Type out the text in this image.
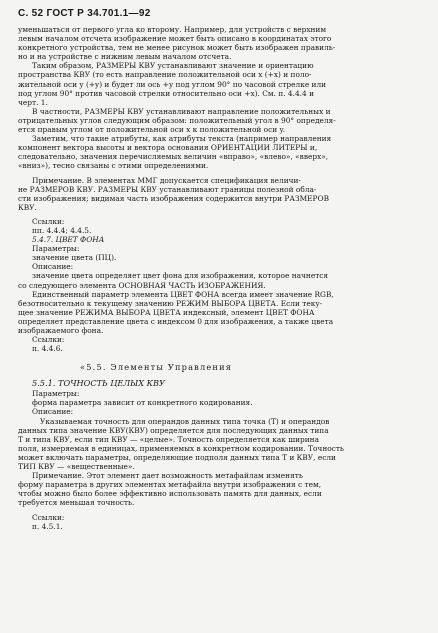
С. 52 ГОСТ Р 34.701.1—92

уменьшаться от первого угла ко второму. Например, для устройств с верхним

левым началом отсчета изображение может быть описано в координатах этого

конкретного устройства, тем не менее рисунок может быть изображен правиль-

но и на устройстве с нижним левым началом отсчета.

Таким образом, РАЗМЕРЫ КВУ устанавливают значение и ориентацию

пространства КВУ (то есть направление положительной оси x (+x) и поло-

жительной оси y (+y) и будет ли ось +y под углом 90° по часовой стрелке или

под углом 90° против часовой стрелки относительно оси +x). См. п. 4.4.4 и

черт. 1.

В частности, РАЗМЕРЫ КВУ устанавливают направление положительных и

отрицательных углов следующим образом: положительный угол в 90° определя-

ется правым углом от положительной оси x к положительной оси y.

Заметим, что такие атрибуты, как атрибуты текста (например направления

компонент вектора высоты и вектора основания ОРИЕНТАЦИИ ЛИТЕРЫ и,

следовательно, значения перечисляемых величин «вправо», «влево», «вверх»,

«вниз»), тесно связаны с этими определениями.

Примечание. В элементах ММГ допускается спецификация величи-

не РАЗМЕРОВ КВУ. РАЗМЕРЫ КВУ устанавливают границы полезной обла-

сти изображения; видимая часть изображения содержится внутри РАЗМЕРОВ

КВУ.

Ссылки:

пп. 4.4.4; 4.4.5.

5.4.7. ЦВЕТ ФОНА

Параметры:

значение цвета (ПЦ).

Описание:

значение цвета определяет цвет фона для изображения, которое начнется

со следующего элемента ОСНОВНАЯ ЧАСТЬ ИЗОБРАЖЕНИЯ.

Единственный параметр элемента ЦВЕТ ФОНА всегда имеет значение RGB,

безотносительно к текущему значению РЕЖИМ ВЫБОРА ЦВЕТА. Если теку-

щее значение РЕЖИМА ВЫБОРА ЦВЕТА индексный, элемент ЦВЕТ ФОНА

определяет представление цвета с индексом 0 для изображения, а также цвета

изображаемого фона.

Ссылки:

п. 4.4.6.

«5.5. Элементы Управления

5.5.1. ТОЧНОСТЬ ЦЕЛЫХ КВУ

Параметры:

форма параметра зависит от конкретного кодирования.

Описание:

Указываемая точность для операндов данных типа точка (Т) и операндов

данных типа значение КВУ(КВУ) определяется для последующих данных типа

Т и типа КВУ, если тип КВУ — «целые». Точность определяется как ширина

поля, измеряемая в единицах, применяемых в конкретном кодировании. Точность

может включать параметры, определяющие подполя данных типа Т и КВУ, если

ТИП КВУ — «вещественные».

Примечание. Этот элемент дает возможность метафайлам изменять

форму параметра в других элементах метафайла внутри изображения с тем,

чтобы можно было более эффективно использовать память для данных, если

требуется меньшая точность.

Ссылки:

п. 4.5.1.
